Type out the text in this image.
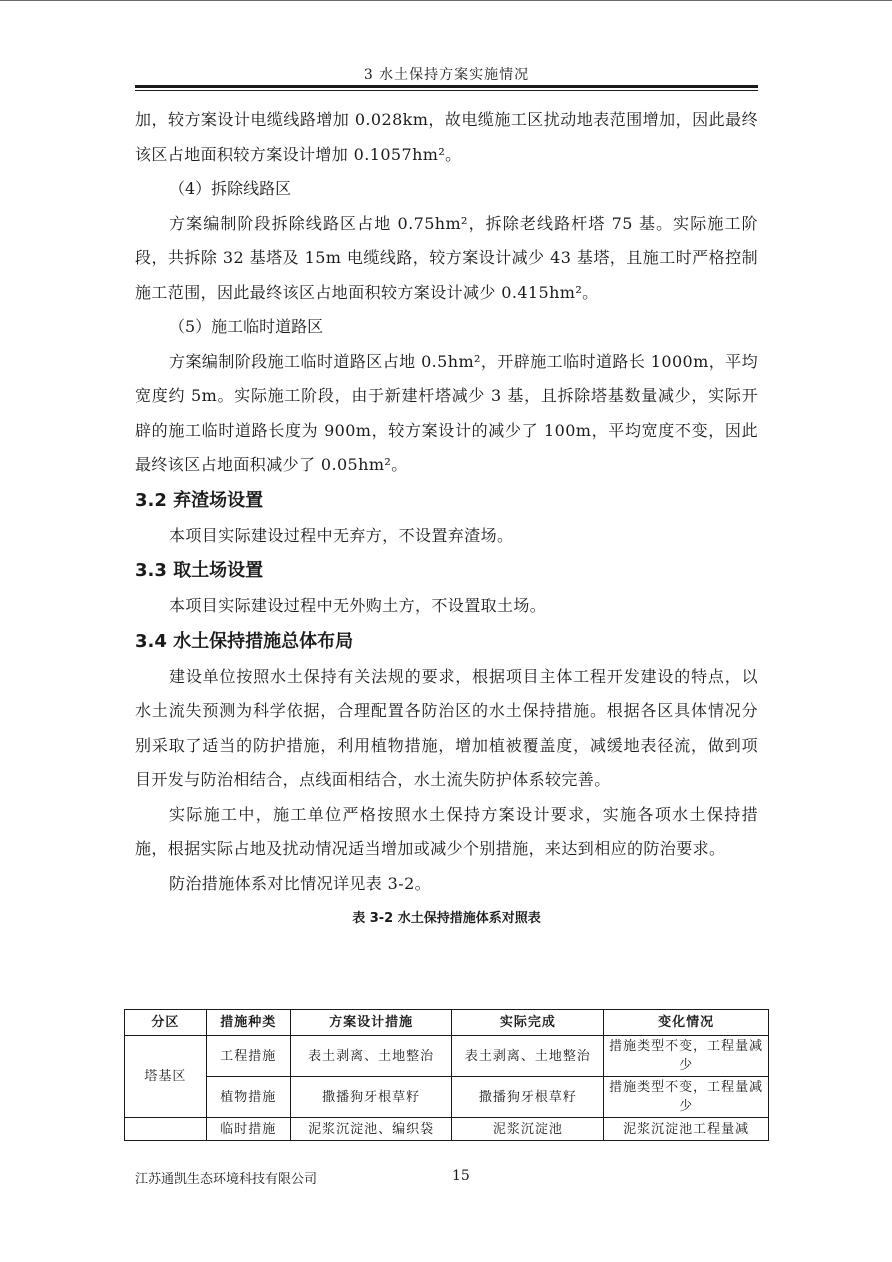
3 水土保持方案实施情况

加，较方案设计电缆线路增加 0.028km，故电缆施工区扰动地表范围增加，因此最终该区占地面积较方案设计增加 0.1057hm²。

（4）拆除线路区

方案编制阶段拆除线路区占地 0.75hm²，拆除老线路杆塔 75 基。实际施工阶段，共拆除 32 基塔及 15m 电缆线路，较方案设计减少 43 基塔，且施工时严格控制施工范围，因此最终该区占地面积较方案设计减少 0.415hm²。

（5）施工临时道路区

方案编制阶段施工临时道路区占地 0.5hm²，开辟施工临时道路长 1000m，平均宽度约 5m。实际施工阶段，由于新建杆塔减少 3 基，且拆除塔基数量减少，实际开辟的施工临时道路长度为 900m，较方案设计的减少了 100m，平均宽度不变，因此最终该区占地面积减少了 0.05hm²。

3.2 弃渣场设置

本项目实际建设过程中无弃方，不设置弃渣场。

3.3 取土场设置

本项目实际建设过程中无外购土方，不设置取土场。

3.4 水土保持措施总体布局

建设单位按照水土保持有关法规的要求，根据项目主体工程开发建设的特点，以水土流失预测为科学依据，合理配置各防治区的水土保持措施。根据各区具体情况分别采取了适当的防护措施，利用植物措施，增加植被覆盖度，减缓地表径流，做到项目开发与防治相结合，点线面相结合，水土流失防护体系较完善。

实际施工中，施工单位严格按照水土保持方案设计要求，实施各项水土保持措施，根据实际占地及扰动情况适当增加或减少个别措施，来达到相应的防治要求。

防治措施体系对比情况详见表 3-2。

表 3-2 水土保持措施体系对照表
分区	措施种类	方案设计措施	实际完成	变化情况
塔基区	工程措施	表土剥离、土地整治	表土剥离、土地整治	措施类型不变，工程量减少
	植物措施	撒播狗牙根草籽	撒播狗牙根草籽	措施类型不变，工程量减少
	临时措施	泥浆沉淀池、编织袋	泥浆沉淀池	泥浆沉淀池工程量减
江苏通凯生态环境科技有限公司	15
